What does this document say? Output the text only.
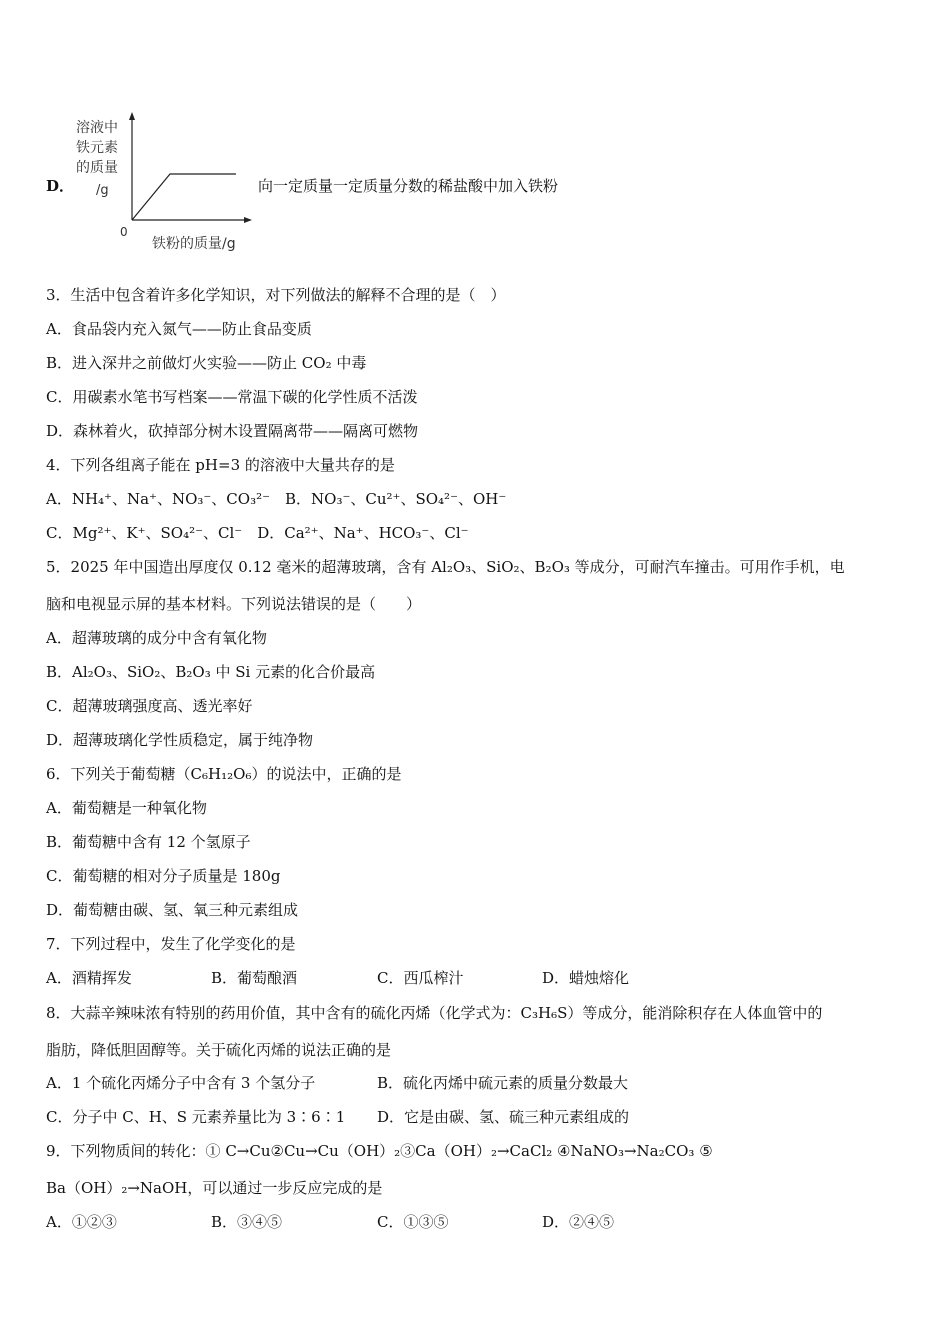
D．
溶液中
铁元素
的质量
/g
0
铁粉的质量/g
向一定质量一定质量分数的稀盐酸中加入铁粉
3．生活中包含着许多化学知识，对下列做法的解释不合理的是（　）
A．食品袋内充入氮气——防止食品变质
B．进入深井之前做灯火实验——防止 CO₂ 中毒
C．用碳素水笔书写档案——常温下碳的化学性质不活泼
D．森林着火，砍掉部分树木设置隔离带——隔离可燃物
4．下列各组离子能在 pH=3 的溶液中大量共存的是
A．NH₄⁺、Na⁺、NO₃⁻、CO₃²⁻　B．NO₃⁻、Cu²⁺、SO₄²⁻、OH⁻
C．Mg²⁺、K⁺、SO₄²⁻、Cl⁻　D．Ca²⁺、Na⁺、HCO₃⁻、Cl⁻
5．2025 年中国造出厚度仅 0.12 毫米的超薄玻璃，含有 Al₂O₃、SiO₂、B₂O₃ 等成分，可耐汽车撞击。可用作手机，电
脑和电视显示屏的基本材料。下列说法错误的是（　　）
A．超薄玻璃的成分中含有氧化物
B．Al₂O₃、SiO₂、B₂O₃ 中 Si 元素的化合价最高
C．超薄玻璃强度高、透光率好
D．超薄玻璃化学性质稳定，属于纯净物
6．下列关于葡萄糖（C₆H₁₂O₆）的说法中，正确的是
A．葡萄糖是一种氧化物
B．葡萄糖中含有 12 个氢原子
C．葡萄糖的相对分子质量是 180g
D．葡萄糖由碳、氢、氧三种元素组成
7．下列过程中，发生了化学变化的是
A．酒精挥发	B．葡萄酿酒	C．西瓜榨汁	D．蜡烛熔化
8．大蒜辛辣味浓有特别的药用价值，其中含有的硫化丙烯（化学式为：C₃H₆S）等成分，能消除积存在人体血管中的
脂肪，降低胆固醇等。关于硫化丙烯的说法正确的是
A．1 个硫化丙烯分子中含有 3 个氢分子	B．硫化丙烯中硫元素的质量分数最大
C．分子中 C、H、S 元素养量比为 3∶6∶1 D．它是由碳、氢、硫三种元素组成的
9．下列物质间的转化：① C→Cu②Cu→Cu（OH）₂③Ca（OH）₂→CaCl₂ ④NaNO₃→Na₂CO₃ ⑤
Ba（OH）₂→NaOH，可以通过一步反应完成的是
A．①②③	B．③④⑤	C．①③⑤	D．②④⑤
